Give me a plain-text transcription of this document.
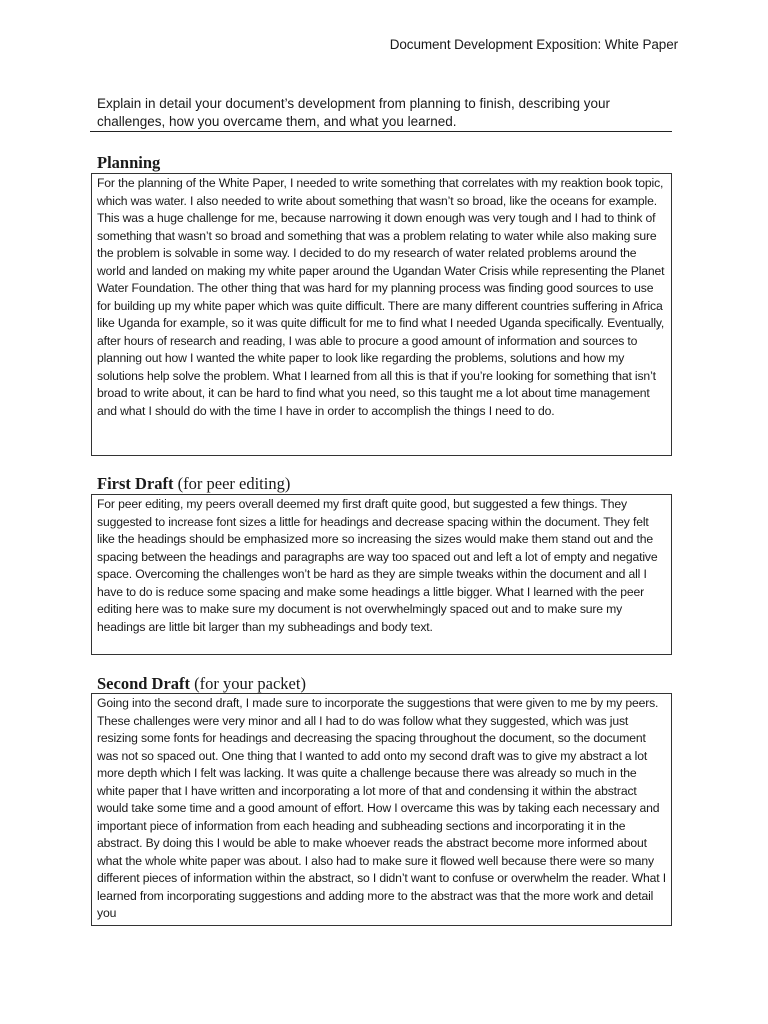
Document Development Exposition: White Paper
Explain in detail your document’s development from planning to finish, describing your challenges, how you overcame them, and what you learned.
Planning
For the planning of the White Paper, I needed to write something that correlates with my reaktion book topic, which was water. I also needed to write about something that wasn’t so broad, like the oceans for example. This was a huge challenge for me, because narrowing it down enough was very tough and I had to think of something that wasn’t so broad and something that was a problem relating to water while also making sure the problem is solvable in some way. I decided to do my research of water related problems around the world and landed on making my white paper around the Ugandan Water Crisis while representing the Planet Water Foundation. The other thing that was hard for my planning process was finding good sources to use for building up my white paper which was quite difficult. There are many different countries suffering in Africa like Uganda for example, so it was quite difficult for me to find what I needed Uganda specifically. Eventually, after hours of research and reading, I was able to procure a good amount of information and sources to planning out how I wanted the white paper to look like regarding the problems, solutions and how my solutions help solve the problem. What I learned from all this is that if you’re looking for something that isn’t broad to write about, it can be hard to find what you need, so this taught me a lot about time management and what I should do with the time I have in order to accomplish the things I need to do.
First Draft (for peer editing)
For peer editing, my peers overall deemed my first draft quite good, but suggested a few things. They suggested to increase font sizes a little for headings and decrease spacing within the document. They felt like the headings should be emphasized more so increasing the sizes would make them stand out and the spacing between the headings and paragraphs are way too spaced out and left a lot of empty and negative space. Overcoming the challenges won’t be hard as they are simple tweaks within the document and all I have to do is reduce some spacing and make some headings a little bigger. What I learned with the peer editing here was to make sure my document is not overwhelmingly spaced out and to make sure my headings are little bit larger than my subheadings and body text.
Second Draft (for your packet)
Going into the second draft, I made sure to incorporate the suggestions that were given to me by my peers. These challenges were very minor and all I had to do was follow what they suggested, which was just resizing some fonts for headings and decreasing the spacing throughout the document, so the document was not so spaced out. One thing that I wanted to add onto my second draft was to give my abstract a lot more depth which I felt was lacking. It was quite a challenge because there was already so much in the white paper that I have written and incorporating a lot more of that and condensing it within the abstract would take some time and a good amount of effort. How I overcame this was by taking each necessary and important piece of information from each heading and subheading sections and incorporating it in the abstract. By doing this I would be able to make whoever reads the abstract become more informed about what the whole white paper was about. I also had to make sure it flowed well because there were so many different pieces of information within the abstract, so I didn’t want to confuse or overwhelm the reader. What I learned from incorporating suggestions and adding more to the abstract was that the more work and detail you
